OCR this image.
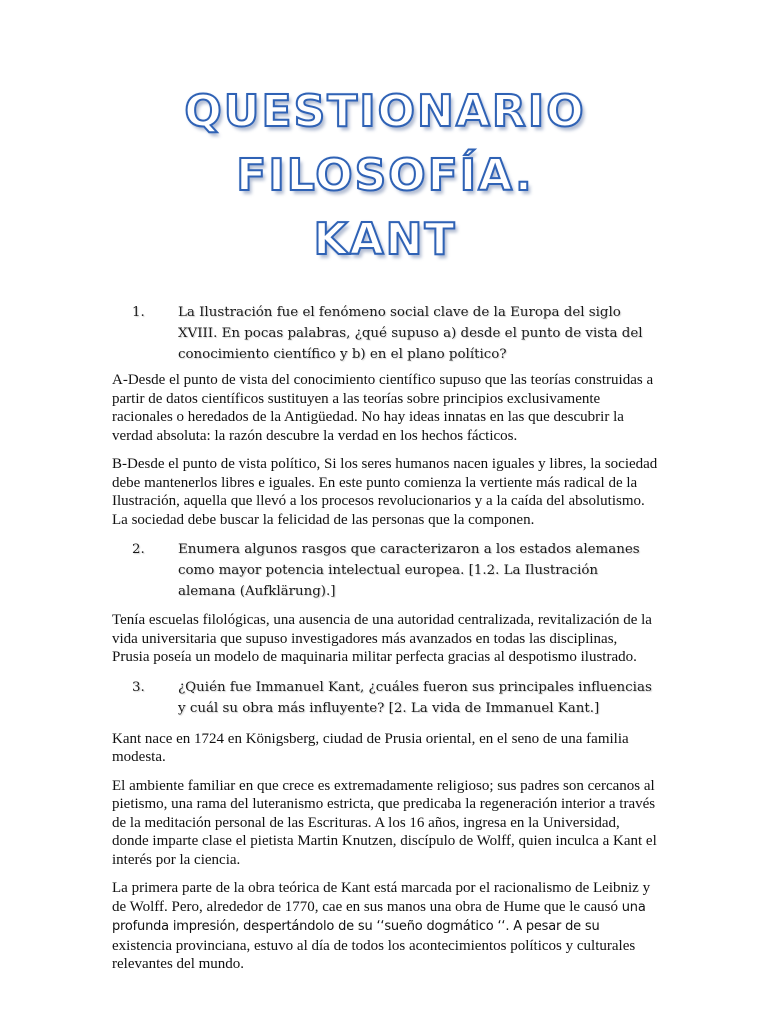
QUESTIONARIO FILOSOFÍA.
KANT
1.	La Ilustración fue el fenómeno social clave de la Europa del siglo XVIII. En pocas palabras, ¿qué supuso a) desde el punto de vista del conocimiento científico y b) en el plano político?

A-Desde el punto de vista del conocimiento científico supuso que las teorías construidas a partir de datos científicos sustituyen a las teorías sobre principios exclusivamente racionales o heredados de la Antigüedad. No hay ideas innatas en las que descubrir la verdad absoluta: la razón descubre la verdad en los hechos fácticos.

B-Desde el punto de vista político, Si los seres humanos nacen iguales y libres, la sociedad debe mantenerlos libres e iguales. En este punto comienza la vertiente más radical de la Ilustración, aquella que llevó a los procesos revolucionarios y a la caída del absolutismo. La sociedad debe buscar la felicidad de las personas que la componen.

2.	Enumera algunos rasgos que caracterizaron a los estados alemanes como mayor potencia intelectual europea. [1.2. La Ilustración alemana (Aufklärung).]

Tenía escuelas filológicas, una ausencia de una autoridad centralizada, revitalización de la vida universitaria que supuso investigadores más avanzados en todas las disciplinas, Prusia poseía un modelo de maquinaria militar perfecta gracias al despotismo ilustrado.

3.	¿Quién fue Immanuel Kant, ¿cuáles fueron sus principales influencias y cuál su obra más influyente? [2. La vida de Immanuel Kant.]

Kant nace en 1724 en Königsberg, ciudad de Prusia oriental, en el seno de una familia modesta.

El ambiente familiar en que crece es extremadamente religioso; sus padres son cercanos al pietismo, una rama del luteranismo estricta, que predicaba la regeneración interior a través de la meditación personal de las Escrituras. A los 16 años, ingresa en la Universidad, donde imparte clase el pietista Martin Knutzen, discípulo de Wolff, quien inculca a Kant el interés por la ciencia.

La primera parte de la obra teórica de Kant está marcada por el racionalismo de Leibniz y de Wolff. Pero, alrededor de 1770, cae en sus manos una obra de Hume que le causó una profunda impresión, despertándolo de su ‘‘sueño dogmático ‘‘. A pesar de su existencia provinciana, estuvo al día de todos los acontecimientos políticos y culturales relevantes del mundo.
